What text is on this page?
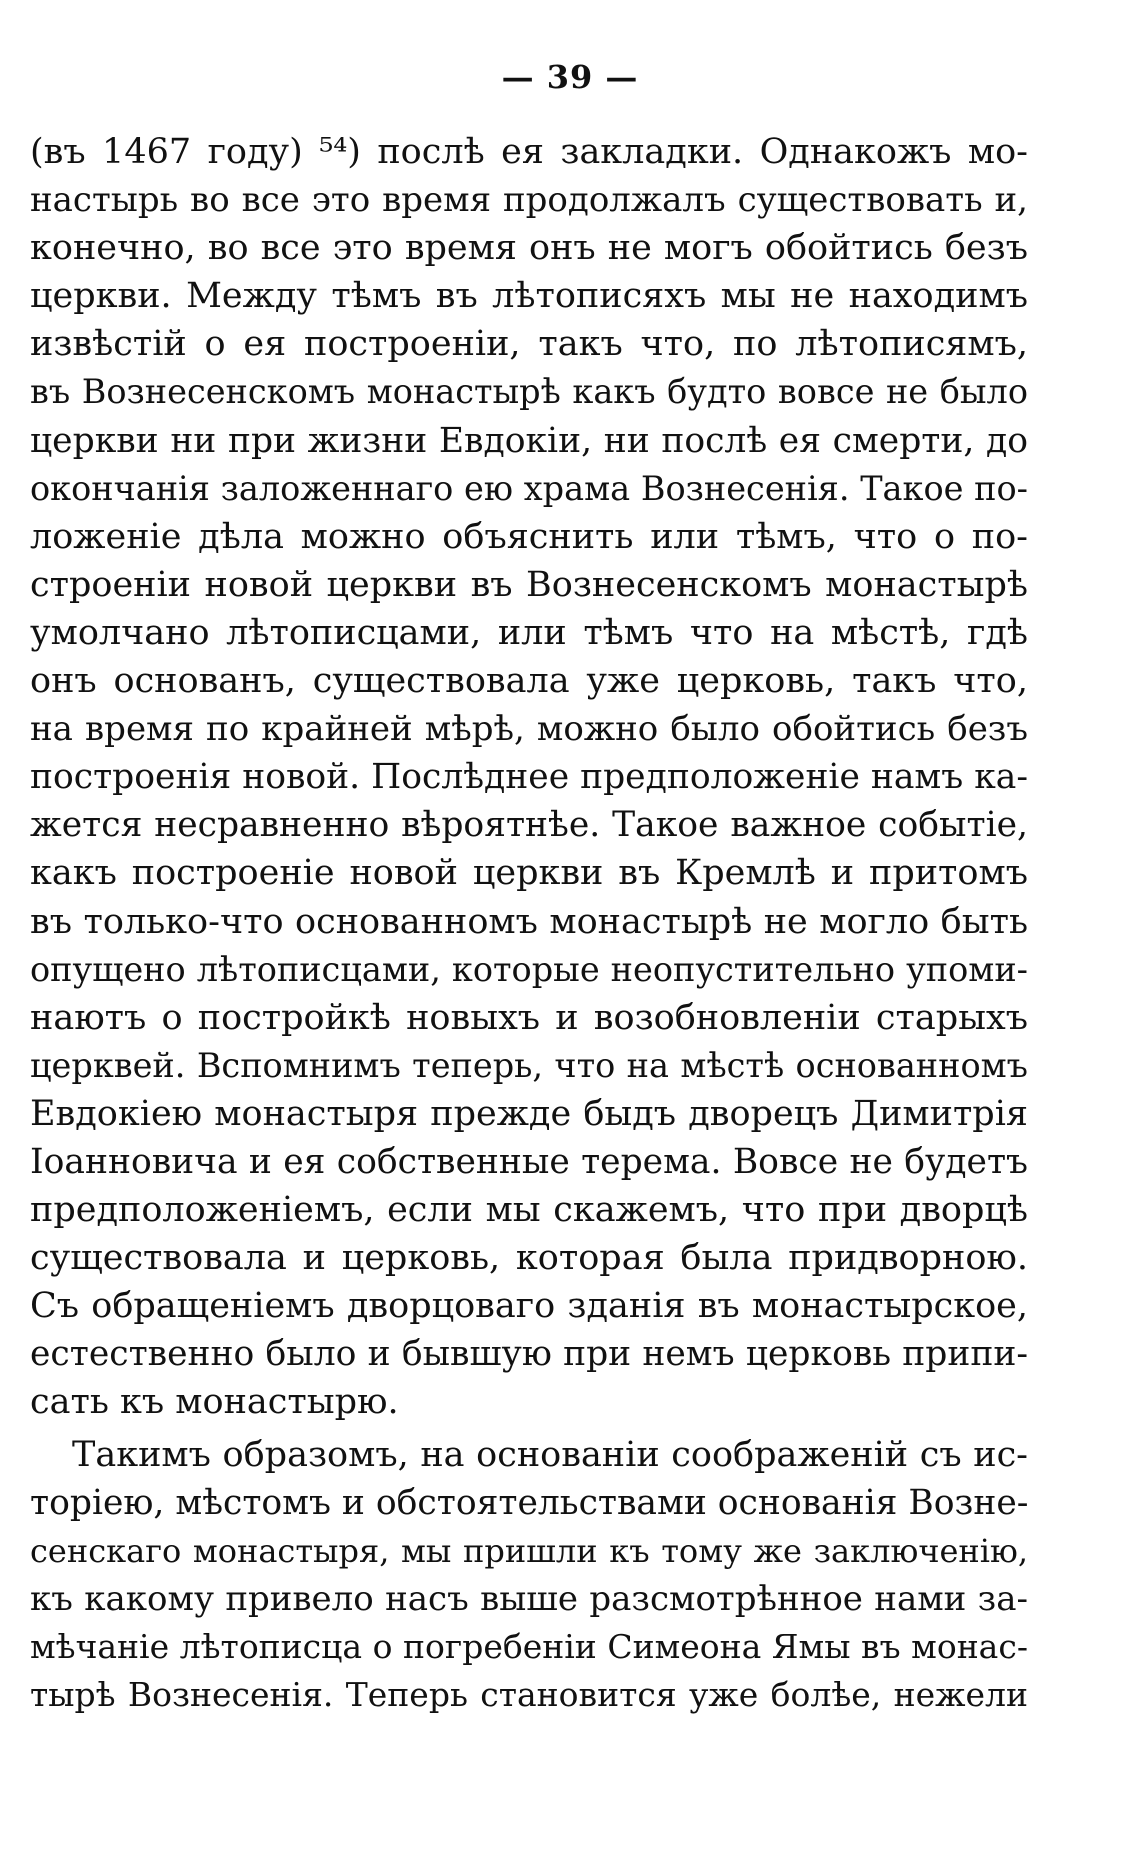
— 39 —
(въ 1467 году) ⁵⁴) послѣ ея закладки. Однакожъ мо-
настырь во все это время продолжалъ существовать и,
конечно, во все это время онъ не могъ обойтись безъ
церкви. Между тѣмъ въ лѣтописяхъ мы не находимъ
извѣстій о ея построеніи, такъ что, по лѣтописямъ,
въ Вознесенскомъ монастырѣ какъ будто вовсе не было
церкви ни при жизни Евдокіи, ни послѣ ея смерти, до
окончанія заложеннаго ею храма Вознесенія. Такое по-
ложеніе дѣла можно объяснить или тѣмъ, что о по-
строеніи новой церкви въ Вознесенскомъ монастырѣ
умолчано лѣтописцами, или тѣмъ что на мѣстѣ, гдѣ
онъ основанъ, существовала уже церковь, такъ что,
на время по крайней мѣрѣ, можно было обойтись безъ
построенія новой. Послѣднее предположеніе намъ ка-
жется несравненно вѣроятнѣе. Такое важное событіе,
какъ построеніе новой церкви въ Кремлѣ и притомъ
въ только-что основанномъ монастырѣ не могло быть
опущено лѣтописцами, которые неопустительно упоми-
наютъ о постройкѣ новыхъ и возобновленіи старыхъ
церквей. Вспомнимъ теперь, что на мѣстѣ основанномъ
Евдокіею монастыря прежде быдъ дворецъ Димитрія
Іоанновича и ея собственные терема. Вовсе не будетъ
предположеніемъ, если мы скажемъ, что при дворцѣ
существовала и церковь, которая была придворною.
Съ обращеніемъ дворцоваго зданія въ монастырское,
естественно было и бывшую при немъ церковь припи-
сать къ монастырю.
Такимъ образомъ, на основаніи соображеній съ ис-
торіею, мѣстомъ и обстоятельствами основанія Возне-
сенскаго монастыря, мы пришли къ тому же заключенію,
къ какому привело насъ выше разсмотрѣнное нами за-
мѣчаніе лѣтописца о погребеніи Симеона Ямы въ монас-
тырѣ Вознесенія. Теперь становится уже болѣе, нежели
